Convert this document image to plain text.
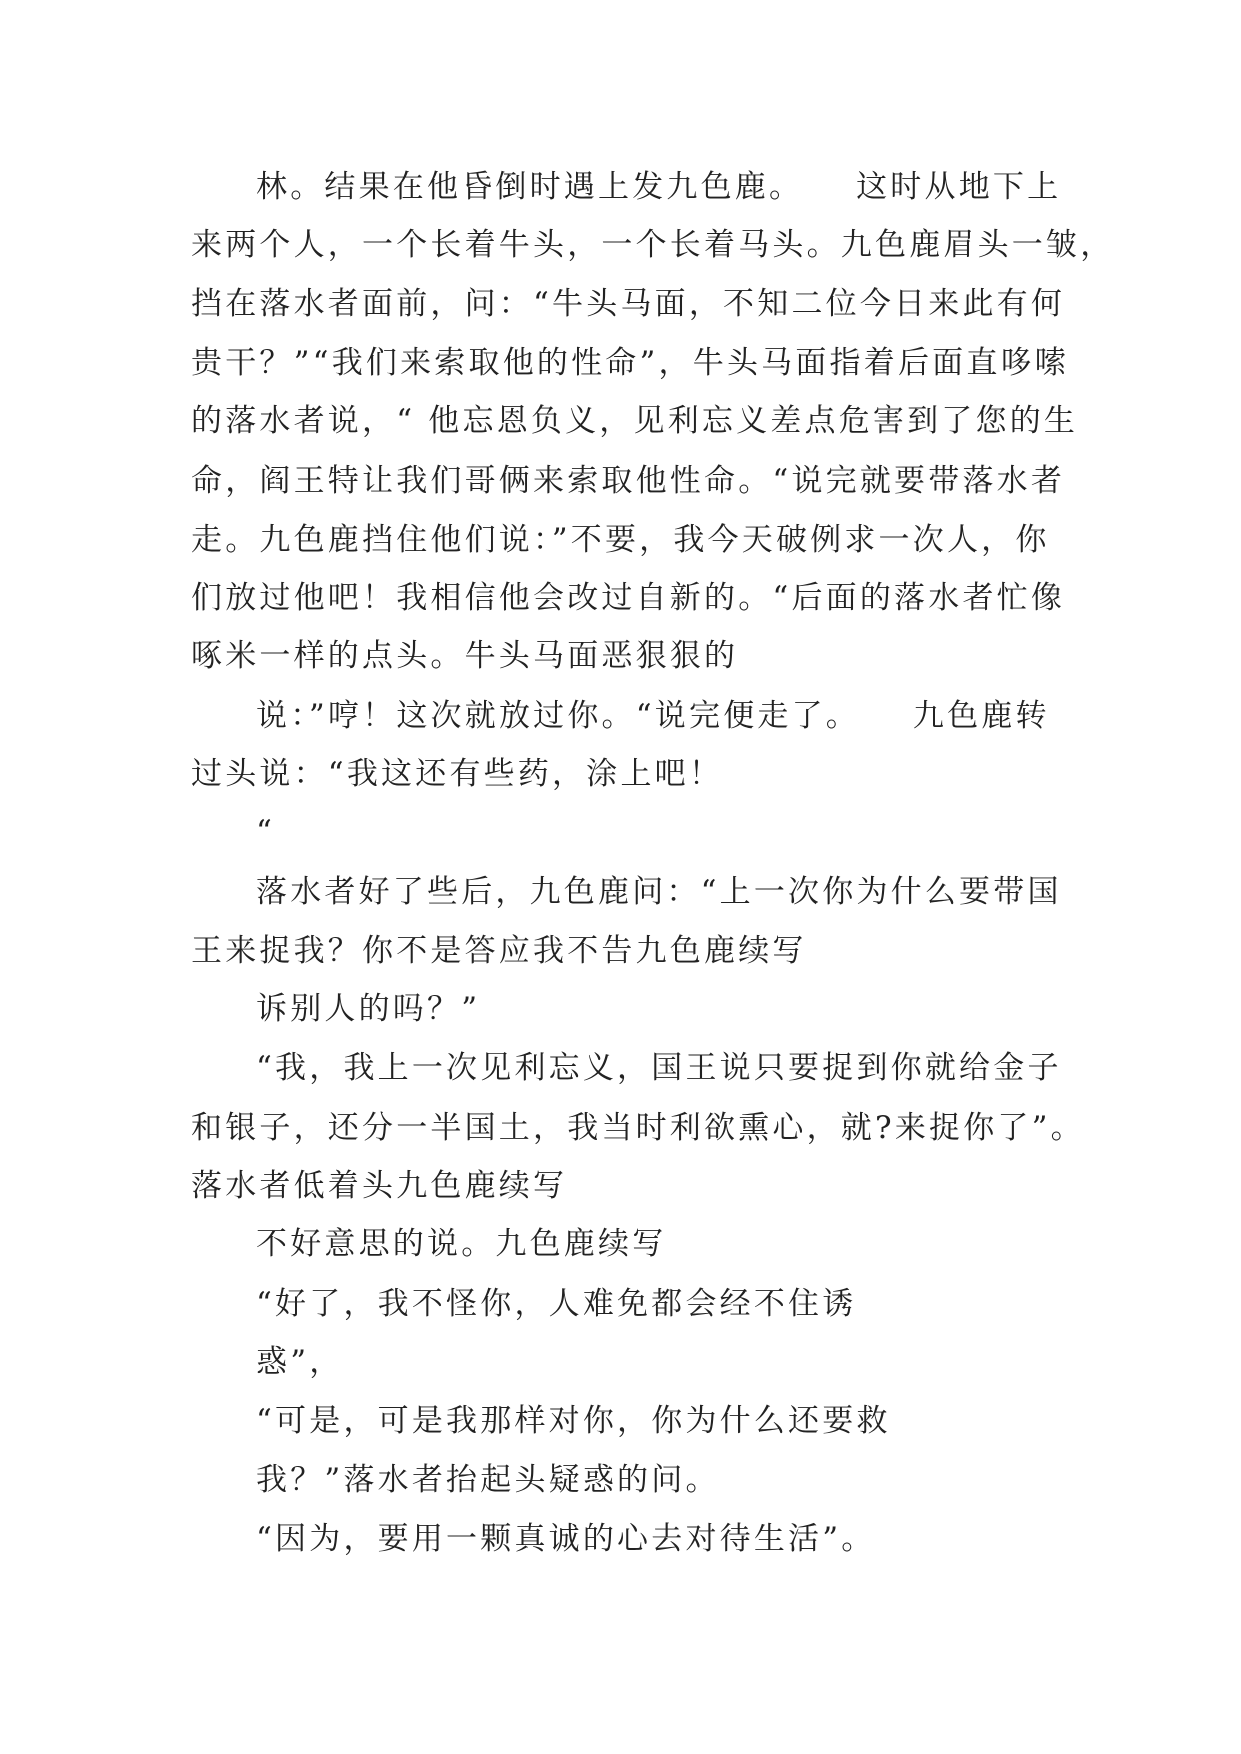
林。结果在他昏倒时遇上发九色鹿。　　这时从地下上
来两个人，一个长着牛头，一个长着马头。九色鹿眉头一皱，
挡在落水者面前，问：“牛头马面，不知二位今日来此有何
贵干？”“我们来索取他的性命”，牛头马面指着后面直哆嗦
的落水者说，“ 他忘恩负义，见利忘义差点危害到了您的生
命，阎王特让我们哥俩来索取他性命。“说完就要带落水者
走。九色鹿挡住他们说：”不要，我今天破例求一次人，你
们放过他吧！我相信他会改过自新的。“后面的落水者忙像
啄米一样的点头。牛头马面恶狠狠的
说：”哼！这次就放过你。“说完便走了。　　九色鹿转
过头说：“我这还有些药，涂上吧！
“
落水者好了些后，九色鹿问：“上一次你为什么要带国
王来捉我？你不是答应我不告九色鹿续写
诉别人的吗？”
“我，我上一次见利忘义，国王说只要捉到你就给金子
和银子，还分一半国土，我当时利欲熏心，就?来捉你了”。
落水者低着头九色鹿续写
不好意思的说。九色鹿续写
“好了，我不怪你，人难免都会经不住诱
惑”，
“可是，可是我那样对你，你为什么还要救
我？”落水者抬起头疑惑的问。
“因为，要用一颗真诚的心去对待生活”。
